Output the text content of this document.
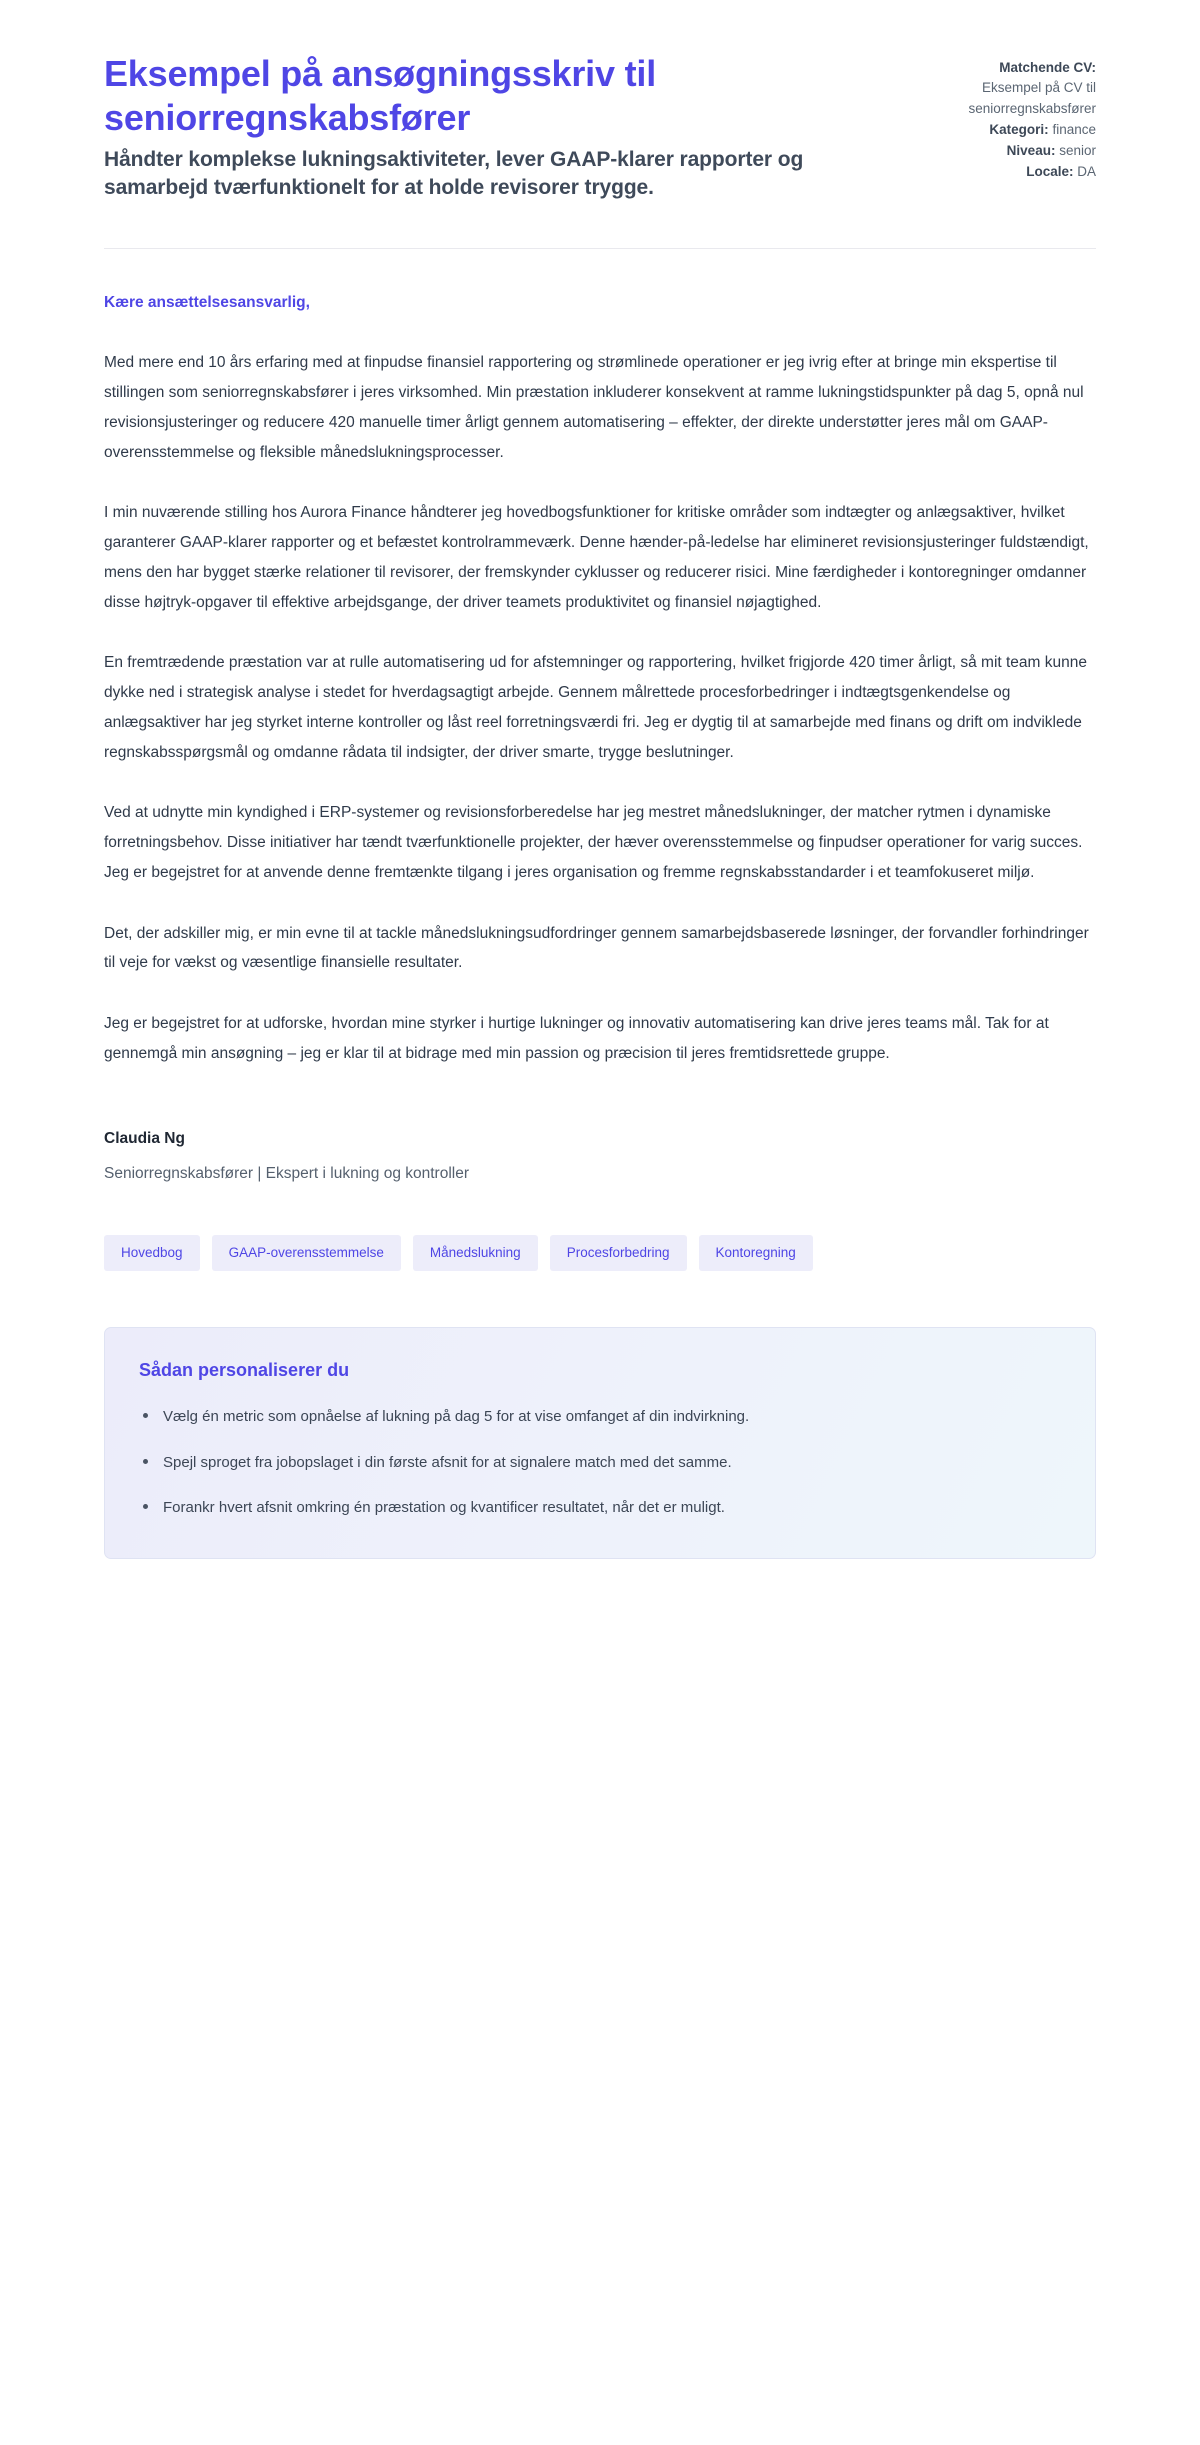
Eksempel på ansøgningsskriv til seniorregnskabsfører

Håndter komplekse lukningsaktiviteter, lever GAAP-klarer rapporter og samarbejd tværfunktionelt for at holde revisorer trygge.

Matchende CV:
Eksempel på CV til seniorregnskabsfører
Kategori: finance
Niveau: senior
Locale: DA

Kære ansættelsesansvarlig,

Med mere end 10 års erfaring med at finpudse finansiel rapportering og strømlinede operationer er jeg ivrig efter at bringe min ekspertise til stillingen som seniorregnskabsfører i jeres virksomhed. Min præstation inkluderer konsekvent at ramme lukningstidspunkter på dag 5, opnå nul revisionsjusteringer og reducere 420 manuelle timer årligt gennem automatisering – effekter, der direkte understøtter jeres mål om GAAP-overensstemmelse og fleksible månedslukningsprocesser.

I min nuværende stilling hos Aurora Finance håndterer jeg hovedbogsfunktioner for kritiske områder som indtægter og anlægsaktiver, hvilket garanterer GAAP-klarer rapporter og et befæstet kontrolrammeværk. Denne hænder-på-ledelse har elimineret revisionsjusteringer fuldstændigt, mens den har bygget stærke relationer til revisorer, der fremskynder cyklusser og reducerer risici. Mine færdigheder i kontoregninger omdanner disse højtryk-opgaver til effektive arbejdsgange, der driver teamets produktivitet og finansiel nøjagtighed.

En fremtrædende præstation var at rulle automatisering ud for afstemninger og rapportering, hvilket frigjorde 420 timer årligt, så mit team kunne dykke ned i strategisk analyse i stedet for hverdagsagtigt arbejde. Gennem målrettede procesforbedringer i indtægtsgenkendelse og anlægsaktiver har jeg styrket interne kontroller og låst reel forretningsværdi fri. Jeg er dygtig til at samarbejde med finans og drift om indviklede regnskabsspørgsmål og omdanne rådata til indsigter, der driver smarte, trygge beslutninger.

Ved at udnytte min kyndighed i ERP-systemer og revisionsforberedelse har jeg mestret månedslukninger, der matcher rytmen i dynamiske forretningsbehov. Disse initiativer har tændt tværfunktionelle projekter, der hæver overensstemmelse og finpudser operationer for varig succes. Jeg er begejstret for at anvende denne fremtænkte tilgang i jeres organisation og fremme regnskabsstandarder i et teamfokuseret miljø.

Det, der adskiller mig, er min evne til at tackle månedslukningsudfordringer gennem samarbejdsbaserede løsninger, der forvandler forhindringer til veje for vækst og væsentlige finansielle resultater.

Jeg er begejstret for at udforske, hvordan mine styrker i hurtige lukninger og innovativ automatisering kan drive jeres teams mål. Tak for at gennemgå min ansøgning – jeg er klar til at bidrage med min passion og præcision til jeres fremtidsrettede gruppe.

Claudia Ng

Seniorregnskabsfører | Ekspert i lukning og kontroller

Hovedbog	GAAP-overensstemmelse	Månedslukning	Procesforbedring	Kontoregning
Sådan personaliserer du
Vælg én metric som opnåelse af lukning på dag 5 for at vise omfanget af din indvirkning.
Spejl sproget fra jobopslaget i din første afsnit for at signalere match med det samme.
Forankr hvert afsnit omkring én præstation og kvantificer resultatet, når det er muligt.
